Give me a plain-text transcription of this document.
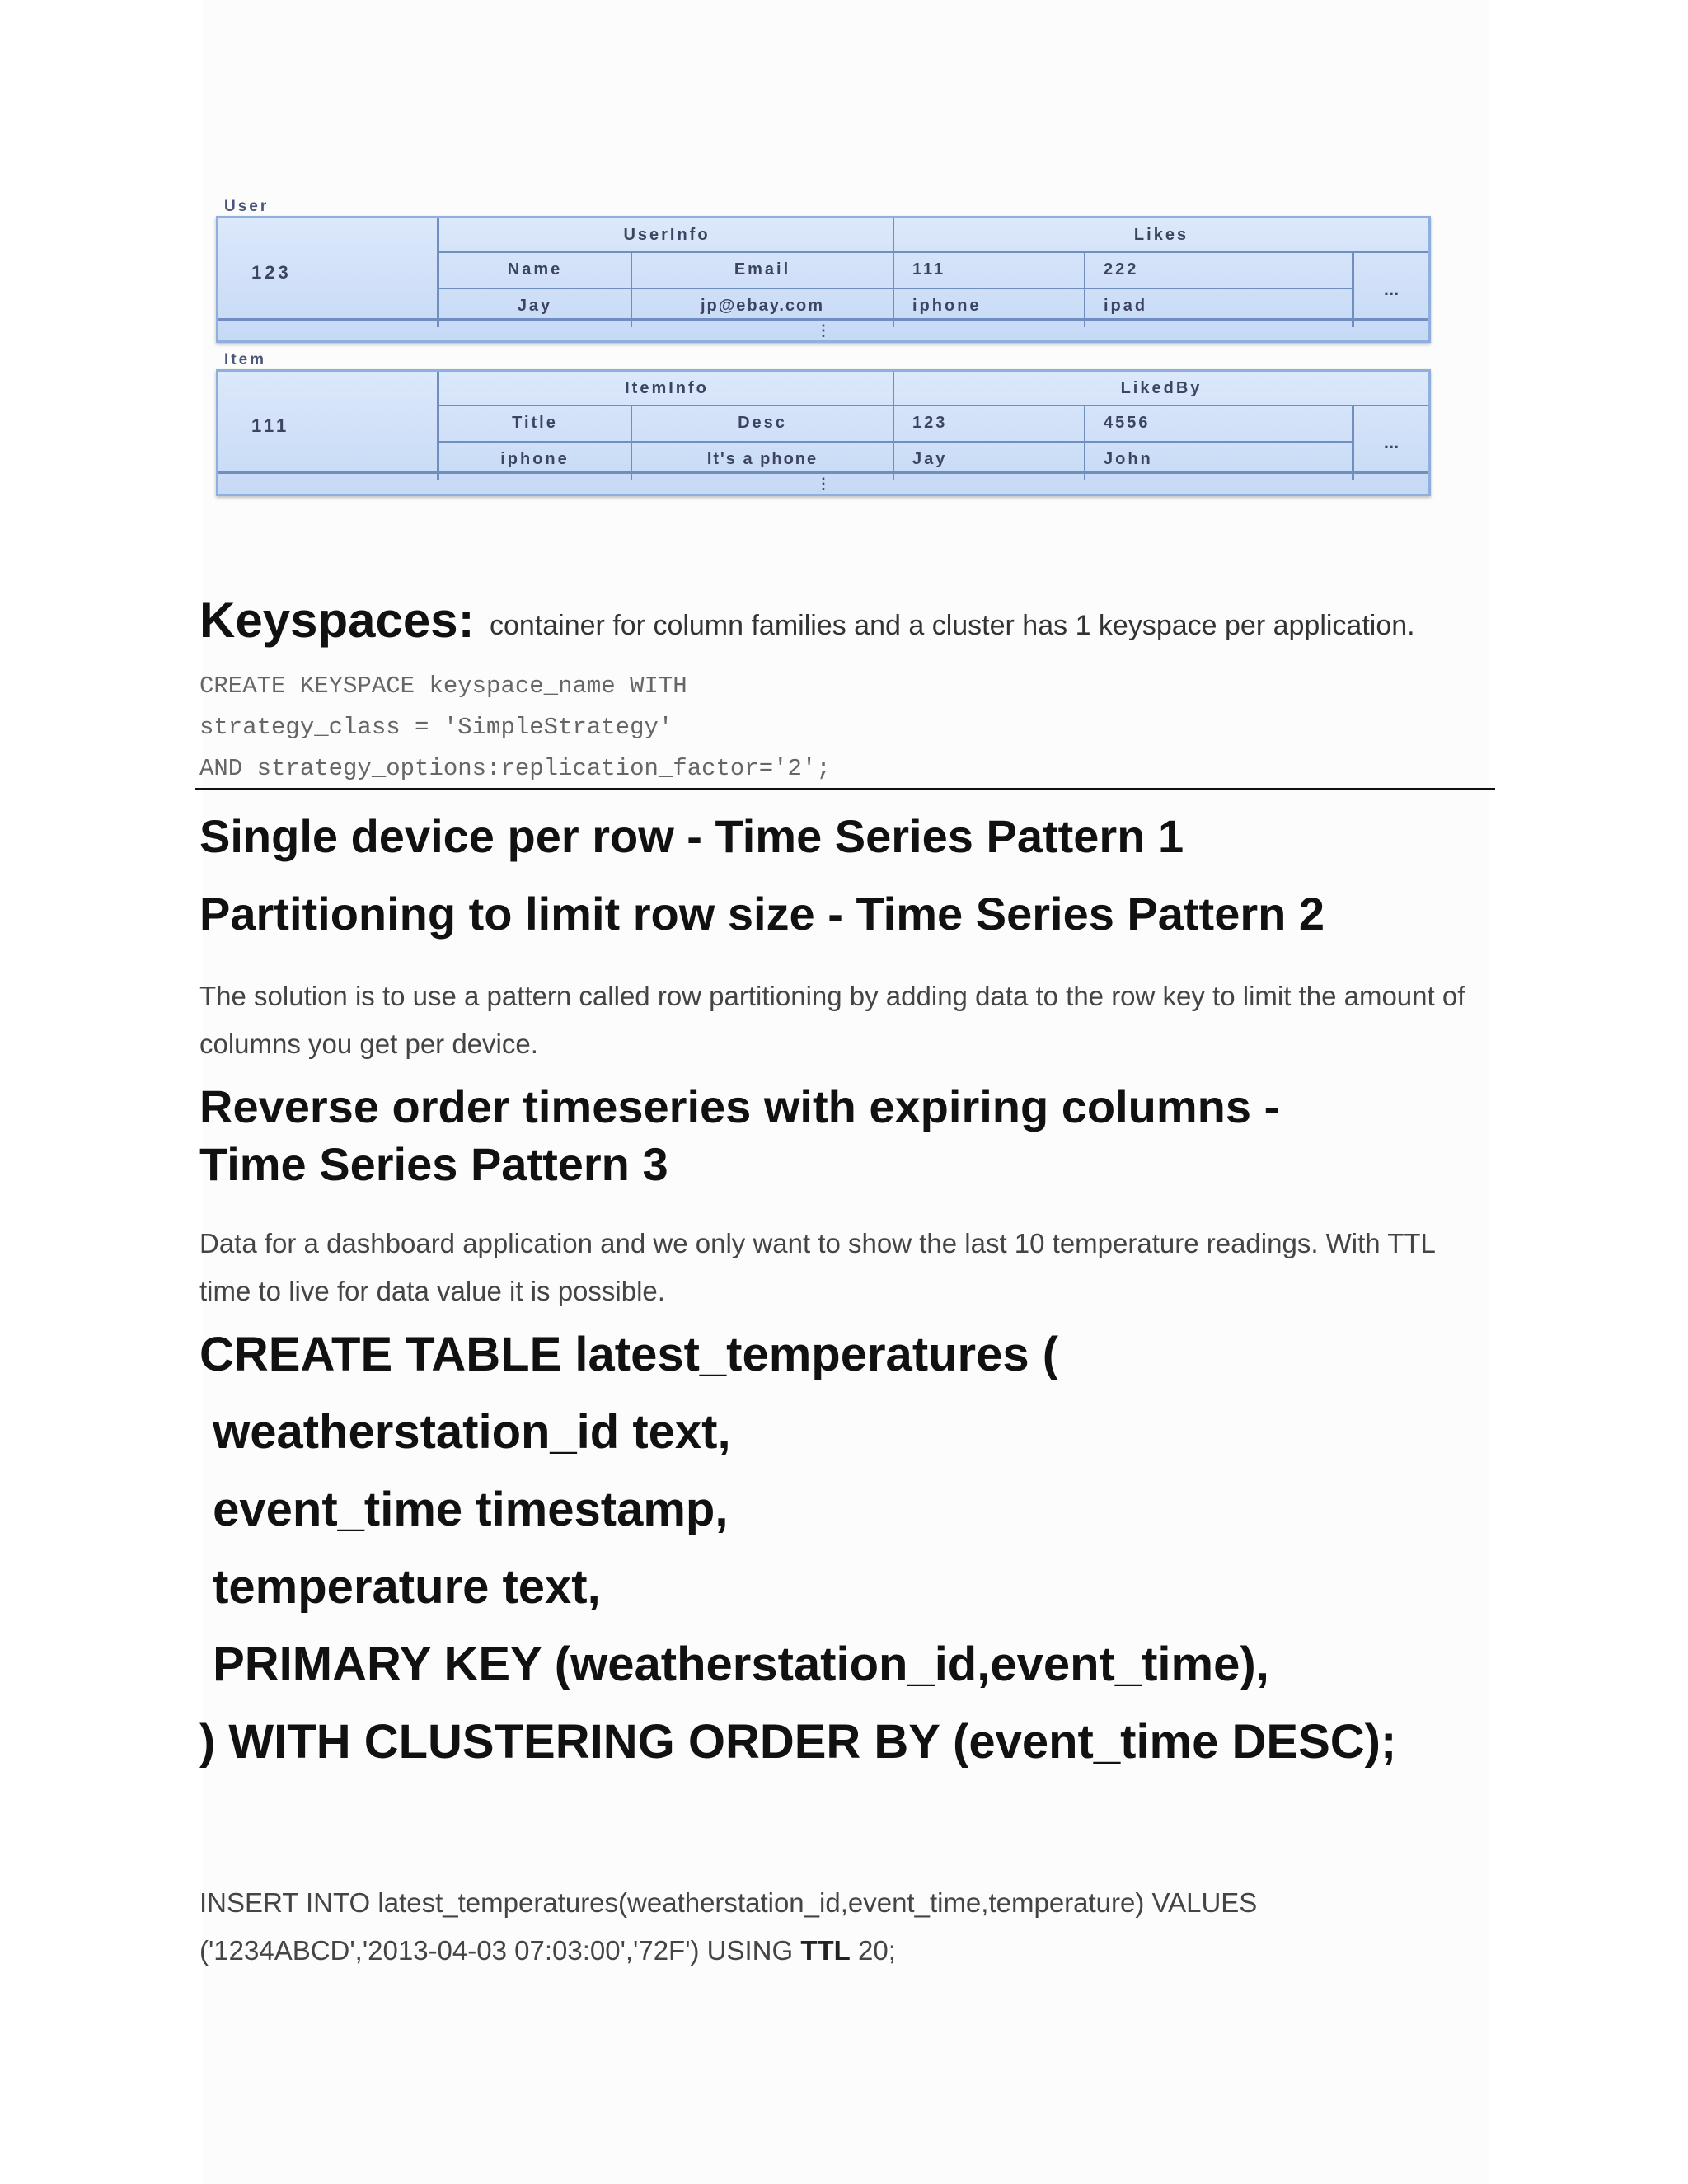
User
123
UserInfo	Likes
Name	Email	111	222
Jay	jp@ebay.com	iphone	ipad
...
⋮
Item
111
ItemInfo	LikedBy
Title	Desc	123	4556
iphone	It's a phone	Jay	John
...
⋮
Keyspaces: container for column families and a cluster has 1 keyspace per application.
CREATE KEYSPACE keyspace_name WITH
strategy_class = 'SimpleStrategy'
AND strategy_options:replication_factor='2';
Single device per row - Time Series Pattern 1
Partitioning to limit row size - Time Series Pattern 2
The solution is to use a pattern called row partitioning by adding data to the row key to limit the amount of columns you get per device.
Reverse order timeseries with expiring columns -
Time Series Pattern 3
Data for a dashboard application and we only want to show the last 10 temperature readings. With TTL time to live for data value it is possible.
CREATE TABLE latest_temperatures (
weatherstation_id text,
event_time timestamp,
temperature text,
PRIMARY KEY (weatherstation_id,event_time),
) WITH CLUSTERING ORDER BY (event_time DESC);
INSERT INTO latest_temperatures(weatherstation_id,event_time,temperature) VALUES
('1234ABCD','2013-04-03 07:03:00','72F') USING TTL 20;
